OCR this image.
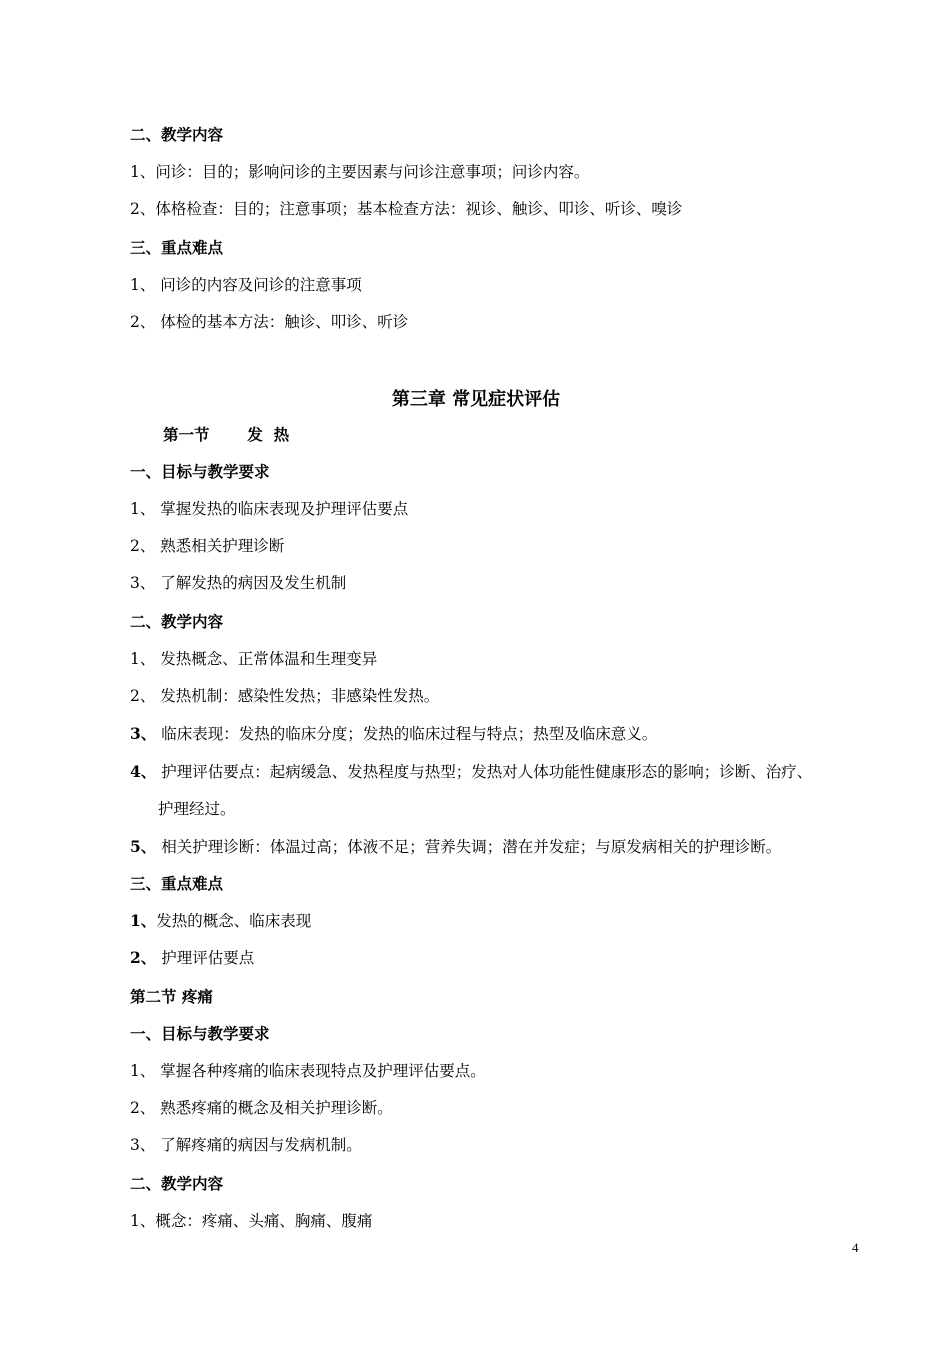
二、教学内容
1、问诊：目的；影响问诊的主要因素与问诊注意事项；问诊内容。
2、体格检查：目的；注意事项；基本检查方法：视诊、触诊、叩诊、听诊、嗅诊
三、重点难点
1、 问诊的内容及问诊的注意事项
2、 体检的基本方法：触诊、叩诊、听诊
第三章 常见症状评估
第一节       发  热
一、目标与教学要求
1、 掌握发热的临床表现及护理评估要点
2、 熟悉相关护理诊断
3、 了解发热的病因及发生机制
二、教学内容
1、 发热概念、正常体温和生理变异
2、 发热机制：感染性发热；非感染性发热。
3、 临床表现：发热的临床分度；发热的临床过程与特点；热型及临床意义。
4、 护理评估要点：起病缓急、发热程度与热型；发热对人体功能性健康形态的影响；诊断、治疗、
护理经过。
5、 相关护理诊断：体温过高；体液不足；营养失调；潜在并发症；与原发病相关的护理诊断。
三、重点难点
1、发热的概念、临床表现
2、 护理评估要点
第二节 疼痛
一、目标与教学要求
1、 掌握各种疼痛的临床表现特点及护理评估要点。
2、 熟悉疼痛的概念及相关护理诊断。
3、 了解疼痛的病因与发病机制。
二、教学内容
1、概念：疼痛、头痛、胸痛、腹痛
4
